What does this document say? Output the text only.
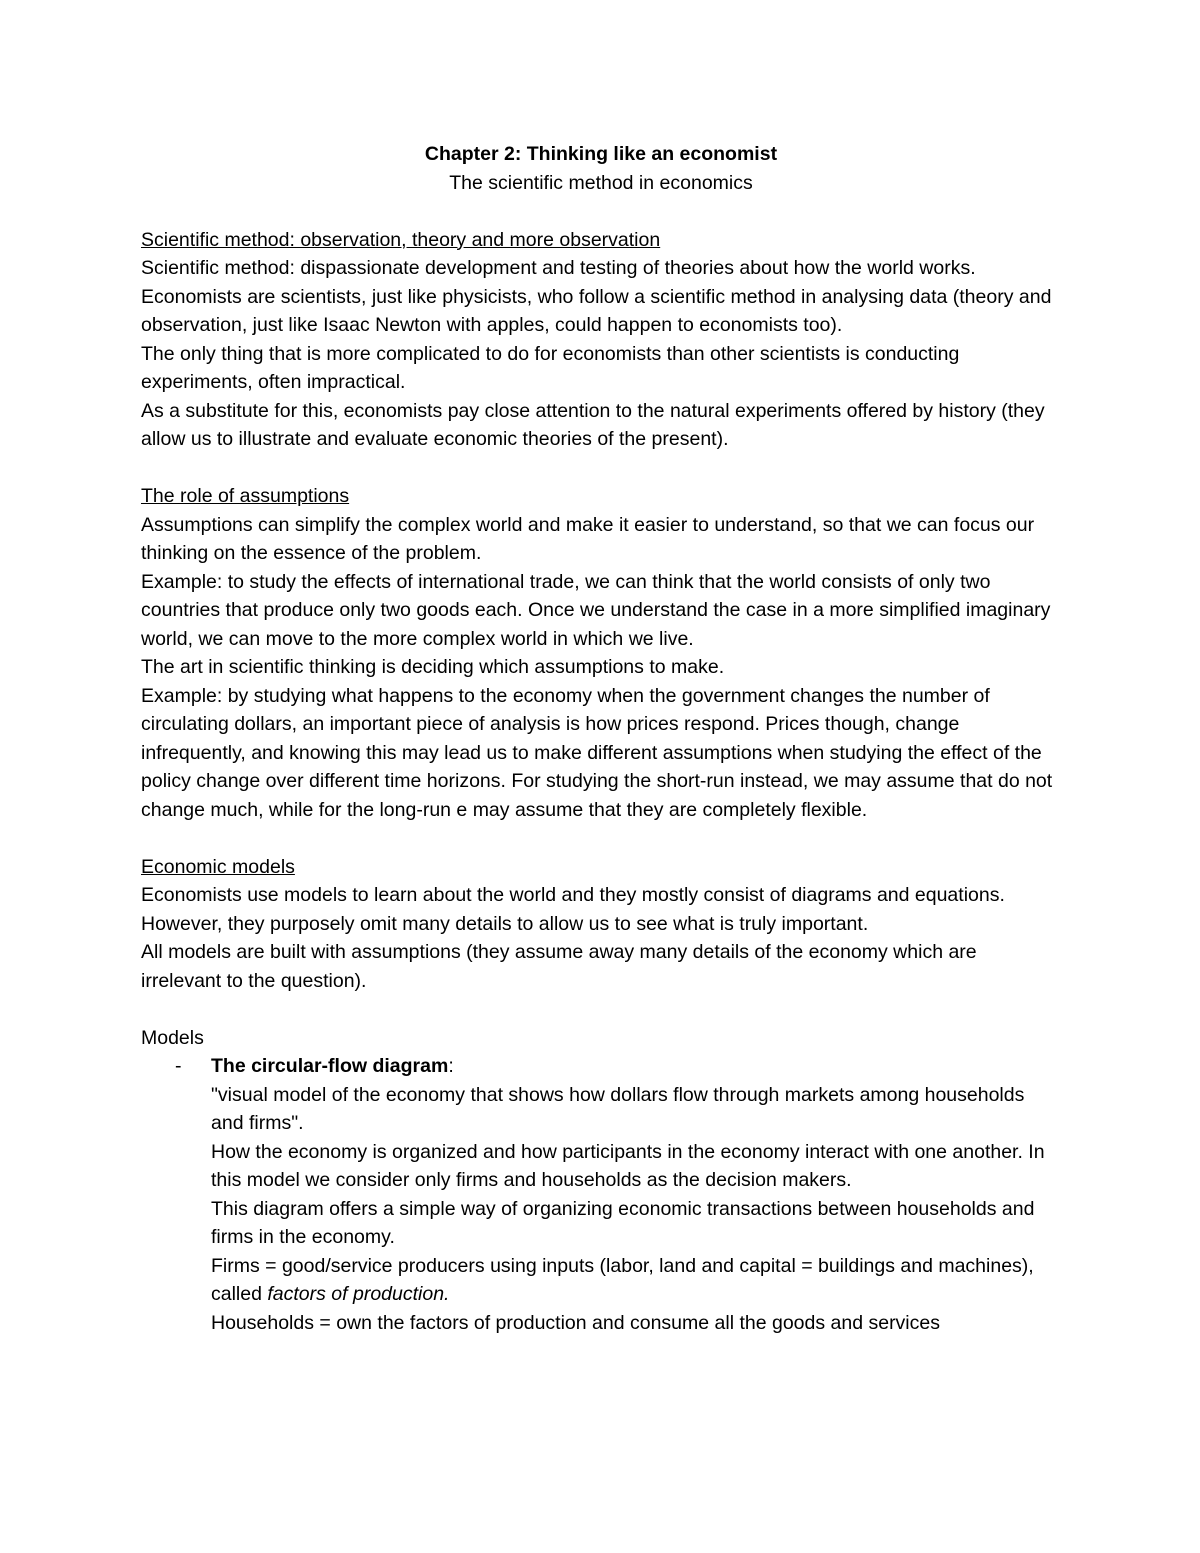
Chapter 2: Thinking like an economist
The scientific method in economics

Scientific method: observation, theory and more observation

Scientific method: dispassionate development and testing of theories about how the world works.

Economists are scientists, just like physicists, who follow a scientific method in analysing data (theory and observation, just like Isaac Newton with apples, could happen to economists too).

The only thing that is more complicated to do for economists than other scientists is conducting experiments, often impractical.

As a substitute for this, economists pay close attention to the natural experiments offered by history (they allow us to illustrate and evaluate economic theories of the present).

The role of assumptions

Assumptions can simplify the complex world and make it easier to understand, so that we can focus our thinking on the essence of the problem.

Example: to study the effects of international trade, we can think that the world consists of only two countries that produce only two goods each. Once we understand the case in a more simplified imaginary world, we can move to the more complex world in which we live.

The art in scientific thinking is deciding which assumptions to make.

Example: by studying what happens to the economy when the government changes the number of circulating dollars, an important piece of analysis is how prices respond. Prices though, change infrequently, and knowing this may lead us to make different assumptions when studying the effect of the policy change over different time horizons. For studying the short-run instead, we may assume that do not change much, while for the long-run e may assume that they are completely flexible.

Economic models

Economists use models to learn about the world and they mostly consist of diagrams and equations. However, they purposely omit many details to allow us to see what is truly important.

All models are built with assumptions (they assume away many details of the economy which are irrelevant to the question).

Models

- The circular-flow diagram:

"visual model of the economy that shows how dollars flow through markets among households and firms".

How the economy is organized and how participants in the economy interact with one another. In this model we consider only firms and households as the decision makers.

This diagram offers a simple way of organizing economic transactions between households and firms in the economy.

Firms = good/service producers using inputs (labor, land and capital = buildings and machines), called factors of production.

Households = own the factors of production and consume all the goods and services
